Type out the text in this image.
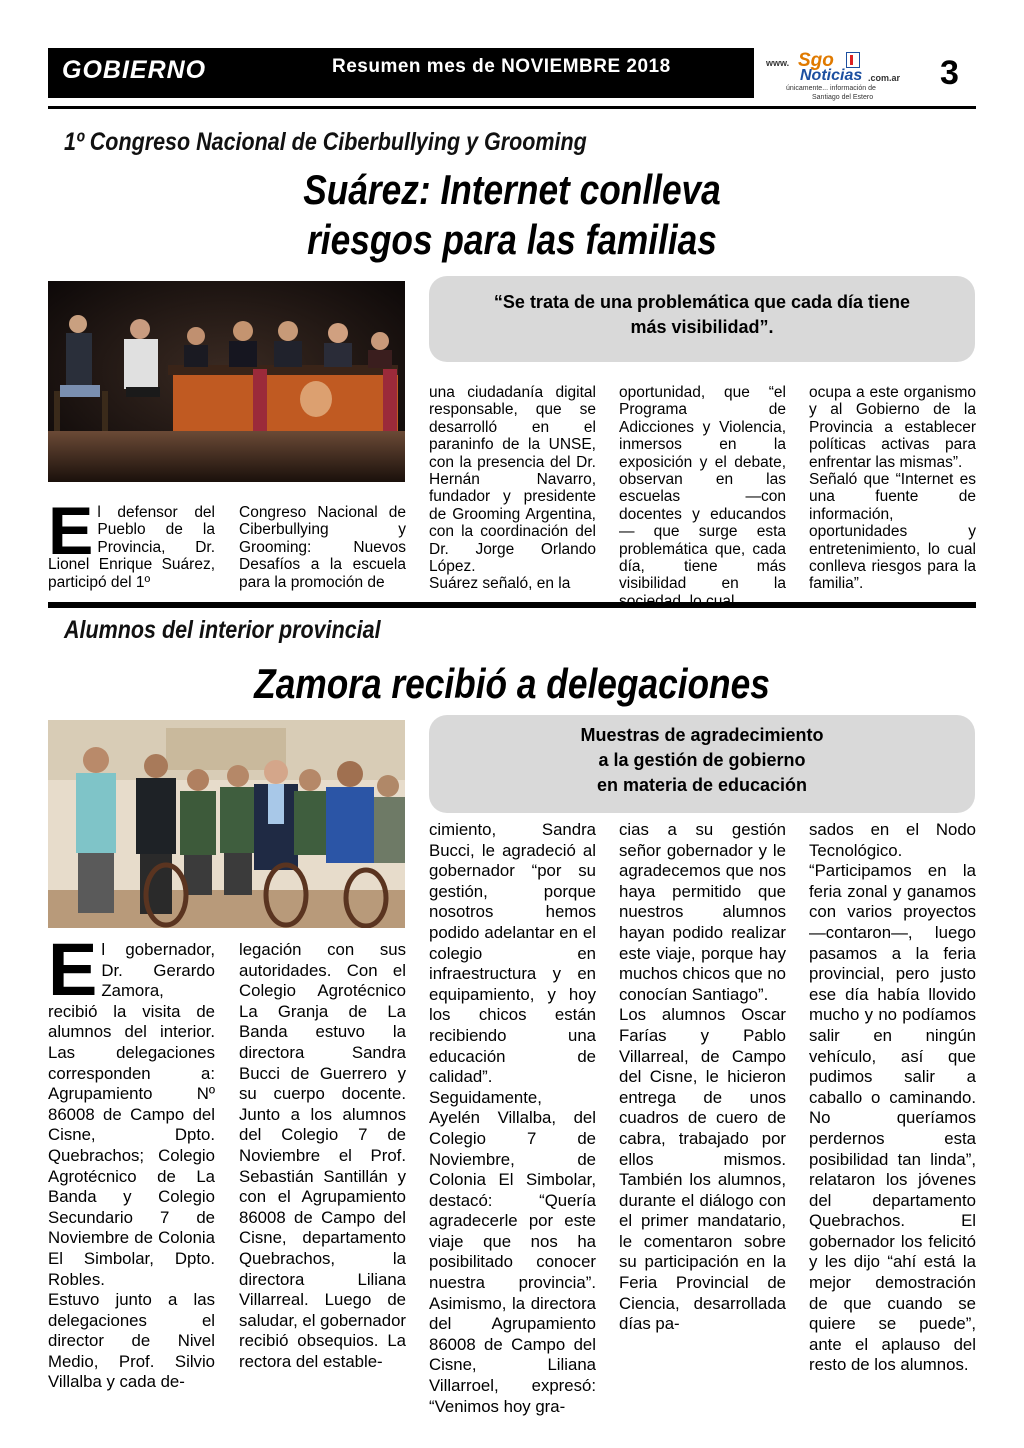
GOBIERNO	Resumen mes de NOVIEMBRE 2018	www. Sgo
Noticias .com.ar
únicamente... información de
Santiago del Estero
3
1º Congreso Nacional de Ciberbullying y Grooming
Suárez: Internet conlleva
riesgos para las familias
“Se trata de una problemática que cada día tiene más visibilidad”.
El defensor del Pueblo de la Provincia, Dr. Lionel Enrique Suárez, participó del 1º

Congreso Nacional de Ciberbullying y Grooming: Nuevos Desafíos a la escuela para la promoción de

una ciudadanía digital responsable, que se desarrolló en el paraninfo de la UNSE, con la presencia del Dr. Hernán Navarro, fundador y presidente de Grooming Argentina, con la coordinación del Dr. Jorge Orlando López.

Suárez señaló, en la

oportunidad, que “el Programa de Adicciones y Violencia, inmersos en la exposición y el debate, observan en las escuelas —con docentes y educandos— que surge esta problemática que, cada día, tiene más visibilidad en la

ocupa a este organismo y al Gobierno de la Provincia a establecer políticas activas para enfrentar las mismas”.

Señaló que “Internet es una fuente de información, oportunidades y entretenimiento, lo cual conlleva riesgos para la familia”.

Alumnos del interior provincial
Zamora recibió a delegaciones
Muestras de agradecimiento
a la gestión de gobierno
en materia de educación
El gobernador, Dr. Gerardo Zamora, recibió la visita de alumnos del interior. Las delegaciones corresponden a: Agrupamiento Nº 86008 de Campo del Cisne, Dpto. Quebrachos; Colegio Agrotécnico de La Banda y Colegio Secundario 7 de Noviembre de Colonia El Simbolar, Dpto. Robles.

Estuvo junto a las delegaciones el director de Nivel Medio, Prof. Silvio Villalba y cada de-

legación con sus autoridades. Con el Colegio Agrotécnico La Granja de La Banda estuvo la directora Sandra Bucci de Guerrero y su cuerpo docente. Junto a los alumnos del Colegio 7 de Noviembre el Prof. Sebastián Santillán y con el Agrupamiento 86008 de Campo del Cisne, departamento Quebrachos, la directora Liliana Villarreal. Luego de saludar, el gobernador recibió obsequios. La rectora del estable-

cimiento, Sandra Bucci, le agradeció al gobernador “por su gestión, porque nosotros hemos podido adelantar en el colegio en infraestructura y en equipamiento, y hoy los chicos están recibiendo una educación de calidad”.

Seguidamente, Ayelén Villalba, del Colegio 7 de Noviembre, de Colonia El Simbolar, destacó: “Quería agradecerle por este viaje que nos ha posibilitado conocer nuestra provincia”. Asimismo, la directora del Agrupamiento 86008 de Campo del Cisne, Liliana Villarroel, expresó: “Venimos hoy gra-

cias a su gestión señor gobernador y le agradecemos que nos haya permitido que nuestros alumnos hayan podido realizar este viaje, porque hay muchos chicos que no conocían Santiago”.

Los alumnos Oscar Farías y Pablo Villarreal, de Campo del Cisne, le hicieron entrega de unos cuadros de cuero de cabra, trabajado por ellos mismos. También los alumnos, durante el diálogo con el primer mandatario, le comentaron sobre su participación en la Feria Provincial de Ciencia, desarrollada días pa-

sados en el Nodo Tecnológico. “Participamos en la feria zonal y ganamos con varios proyectos —contaron—, luego pasamos a la feria provincial, pero justo ese día había llovido mucho y no podíamos salir en ningún vehículo, así que pudimos salir a caballo o caminando. No queríamos perdernos esta posibilidad tan linda”, relataron los jóvenes del departamento Quebrachos. El gobernador los felicitó y les dijo “ahí está la mejor demostración de que cuando se quiere se puede”, ante el aplauso del resto de los alumnos.
